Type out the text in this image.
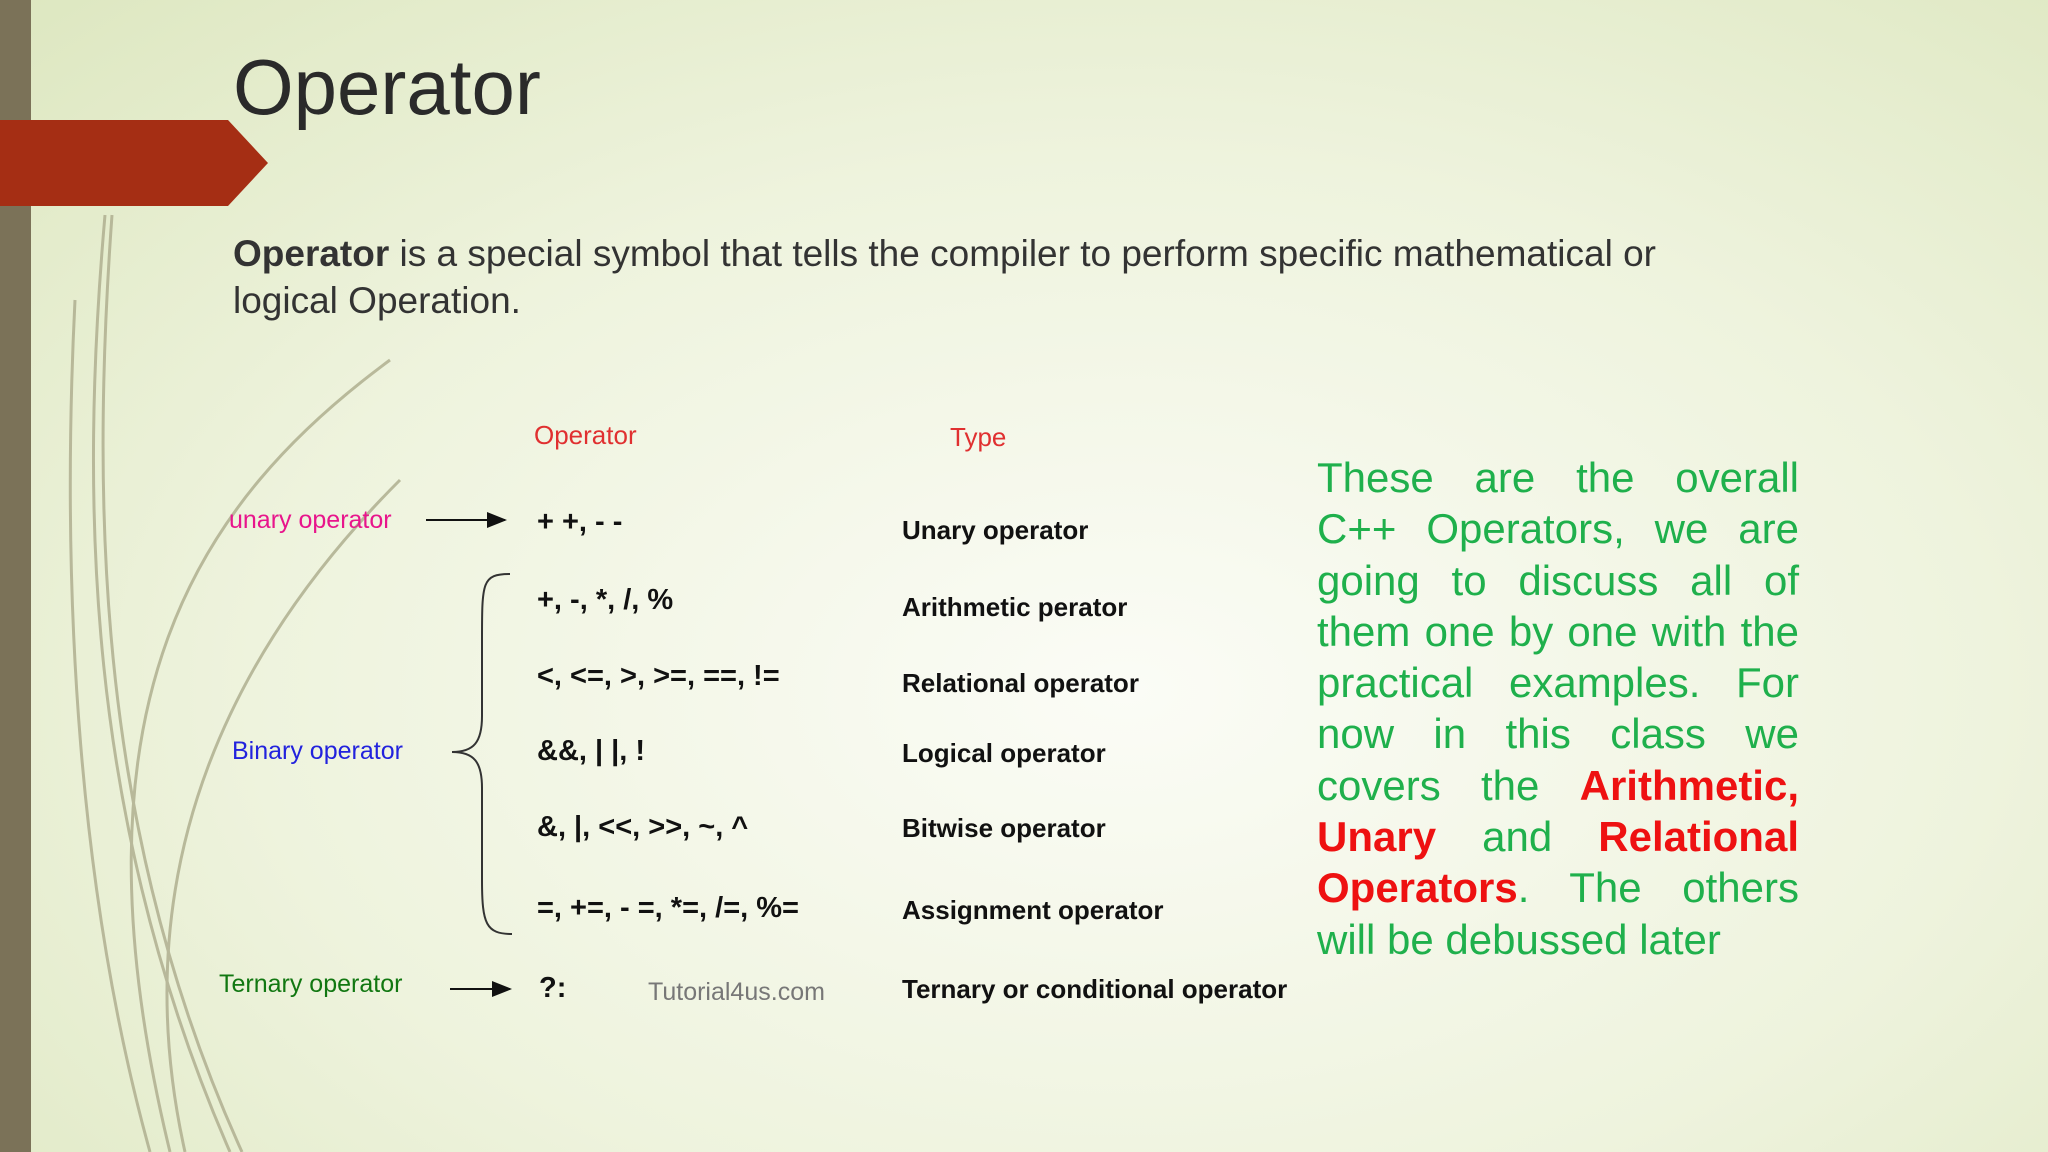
Operator
Operator is a special symbol that tells the compiler to perform specific mathematical or logical Operation.
Operator	Type
unary operator
Binary operator
Ternary operator
+ +, - -
+, -, *, /, %
<, <=, >, >=, ==, !=
&&, | |, !
&, |, <<, >>, ~, ^
=, +=, - =, *=, /=, %=
?:
Unary operator
Arithmetic perator
Relational operator
Logical operator
Bitwise operator
Assignment operator
Ternary or conditional operator
Tutorial4us.com
These are the overall C++ Operators, we are going to discuss all of them one by one with the practical examples. For now in this class we covers the Arithmetic, Unary and Relational Operators. The others will be debussed later
